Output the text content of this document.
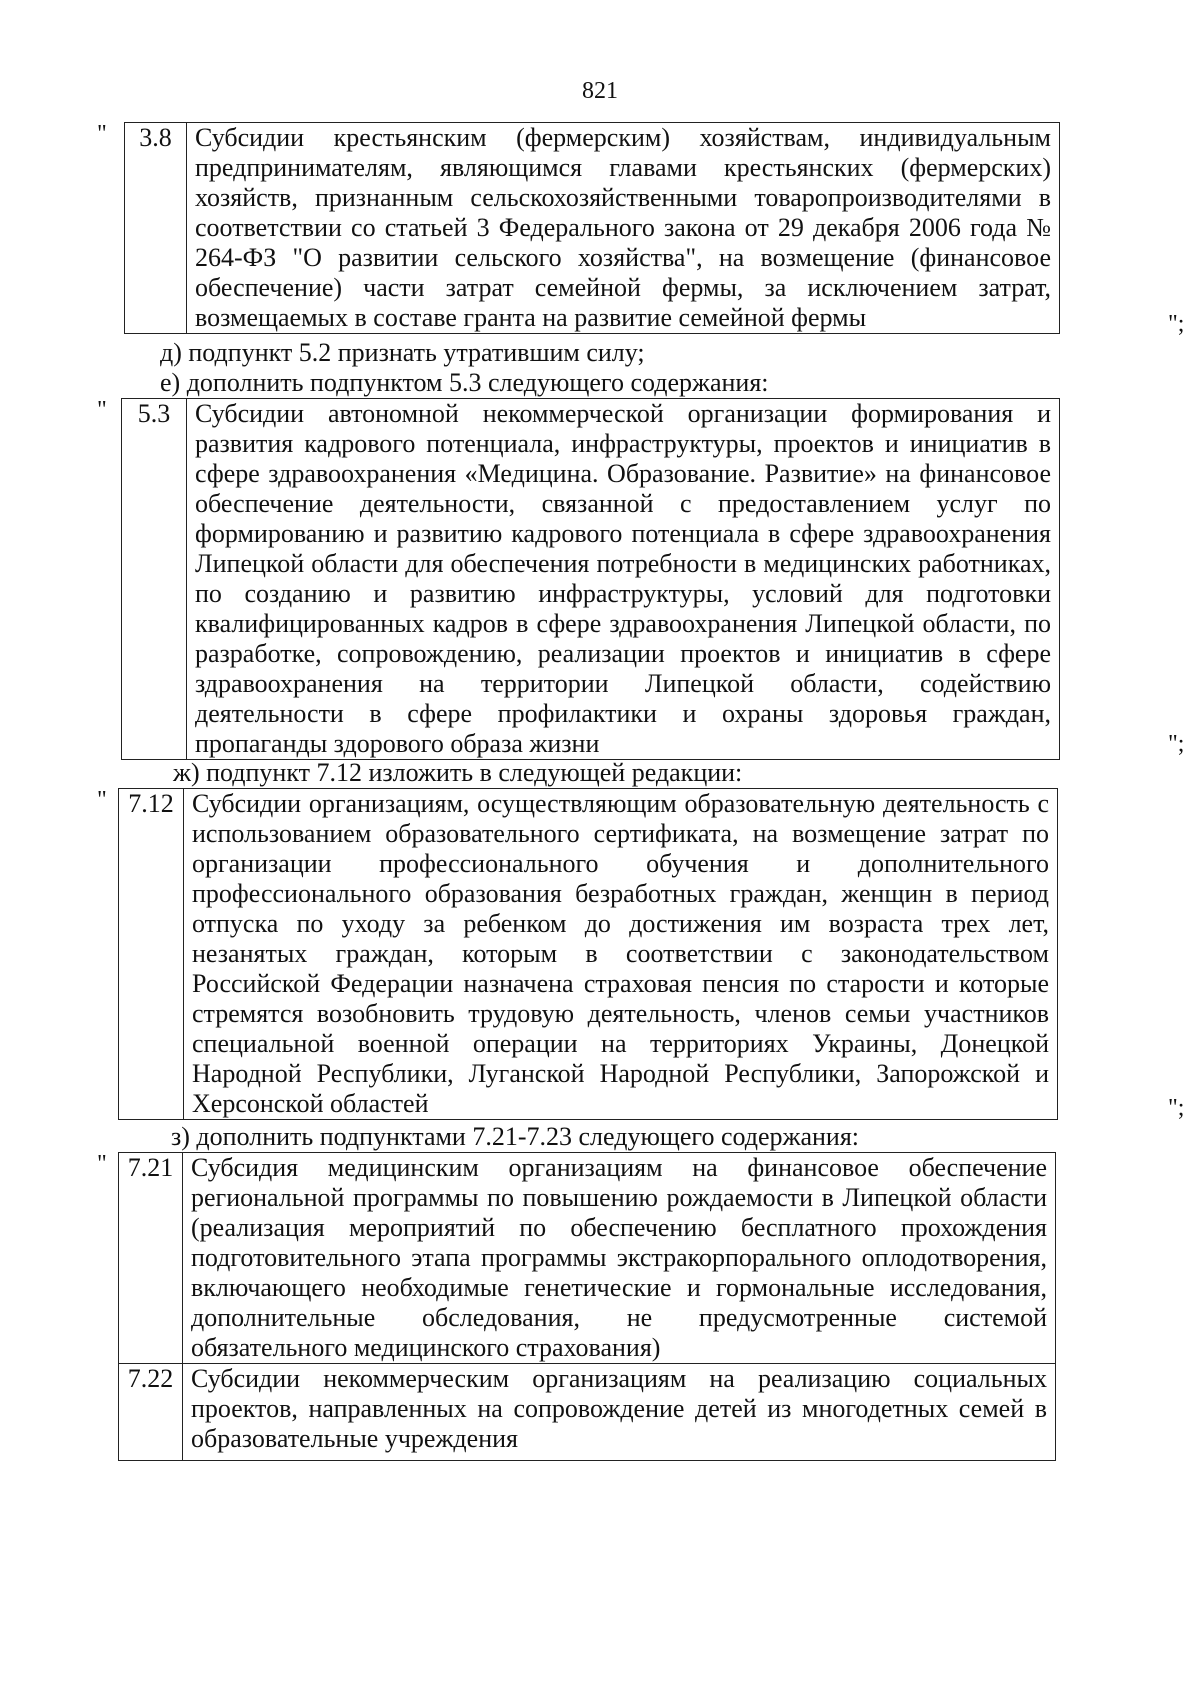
821
" 3.8	Субсидии крестьянским (фермерским) хозяйствам, индивидуальным предпринимателям, являющимся главами крестьянских (фермерских) хозяйств, признанным сельскохозяйственными товаропроизводителями в соответствии со статьей 3 Федерального закона от 29 декабря 2006 года № 264-ФЗ "О развитии сельского хозяйства", на возмещение (финансовое обеспечение) части затрат семейной фермы, за исключением затрат, возмещаемых в составе гранта на развитие семейной фермы	";
д) подпункт 5.2 признать утратившим силу;
е) дополнить подпунктом 5.3 следующего содержания:
" 5.3	Субсидии автономной некоммерческой организации формирования и развития кадрового потенциала, инфраструктуры, проектов и инициатив в сфере здравоохранения «Медицина. Образование. Развитие» на финансовое обеспечение деятельности, связанной с предоставлением услуг по формированию и развитию кадрового потенциала в сфере здравоохранения Липецкой области для обеспечения потребности в медицинских работниках, по созданию и развитию инфраструктуры, условий для подготовки квалифицированных кадров в сфере здравоохранения Липецкой области, по разработке, сопровождению, реализации проектов и инициатив в сфере здравоохранения на территории Липецкой области, содействию деятельности в сфере профилактики и охраны здоровья граждан, пропаганды здорового образа жизни	";
ж) подпункт 7.12 изложить в следующей редакции:
" 7.12	Субсидии организациям, осуществляющим образовательную деятельность с использованием образовательного сертификата, на возмещение затрат по организации профессионального обучения и дополнительного профессионального образования безработных граждан, женщин в период отпуска по уходу за ребенком до достижения им возраста трех лет, незанятых граждан, которым в соответствии с законодательством Российской Федерации назначена страховая пенсия по старости и которые стремятся возобновить трудовую деятельность, членов семьи участников специальной военной операции на территориях Украины, Донецкой Народной Республики, Луганской Народной Республики, Запорожской и Херсонской областей	";
з) дополнить подпунктами 7.21-7.23 следующего содержания:
" 7.21	Субсидия медицинским организациям на финансовое обеспечение региональной программы по повышению рождаемости в Липецкой области (реализация мероприятий по обеспечению бесплатного прохождения подготовительного этапа программы экстракорпорального оплодотворения, включающего необходимые генетические и гормональные исследования, дополнительные обследования, не предусмотренные системой обязательного медицинского страхования)
7.22	Субсидии некоммерческим организациям на реализацию социальных проектов, направленных на сопровождение детей из многодетных семей в образовательные учреждения
